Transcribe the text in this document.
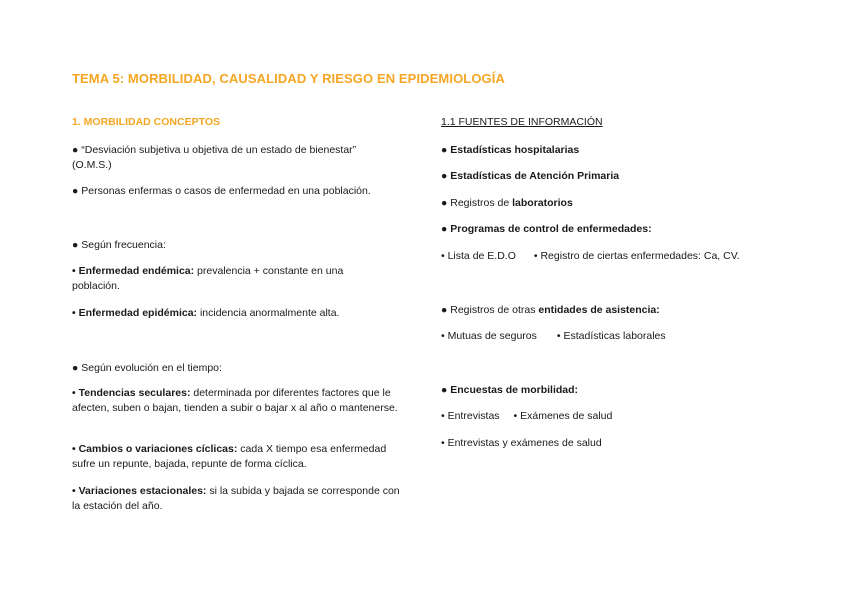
TEMA 5: MORBILIDAD, CAUSALIDAD Y RIESGO EN EPIDEMIOLOGÍA
1. MORBILIDAD CONCEPTOS

● “Desviación subjetiva u objetiva de un estado de bienestar” (O.M.S.)

● Personas enfermas o casos de enfermedad en una población.

● Según frecuencia:

• Enfermedad endémica: prevalencia + constante en una población.

• Enfermedad epidémica: incidencia anormalmente alta.

● Según evolución en el tiempo:

• Tendencias seculares: determinada por diferentes factores que le afecten, suben o bajan, tienden a subir o bajar x al año o mantenerse.

• Cambios o variaciones cíclicas: cada X tiempo esa enfermedad sufre un repunte, bajada, repunte de forma cíclica.

• Variaciones estacionales: si la subida y bajada se corresponde con la estación del año.

1.1 FUENTES DE INFORMACIÓN

● Estadísticas hospitalarias

● Estadísticas de Atención Primaria

● Registros de laboratorios

● Programas de control de enfermedades:

• Lista de E.D.O • Registro de ciertas enfermedades: Ca, CV.

● Registros de otras entidades de asistencia:

• Mutuas de seguros • Estadísticas laborales

● Encuestas de morbilidad:

• Entrevistas • Exámenes de salud

• Entrevistas y exámenes de salud
